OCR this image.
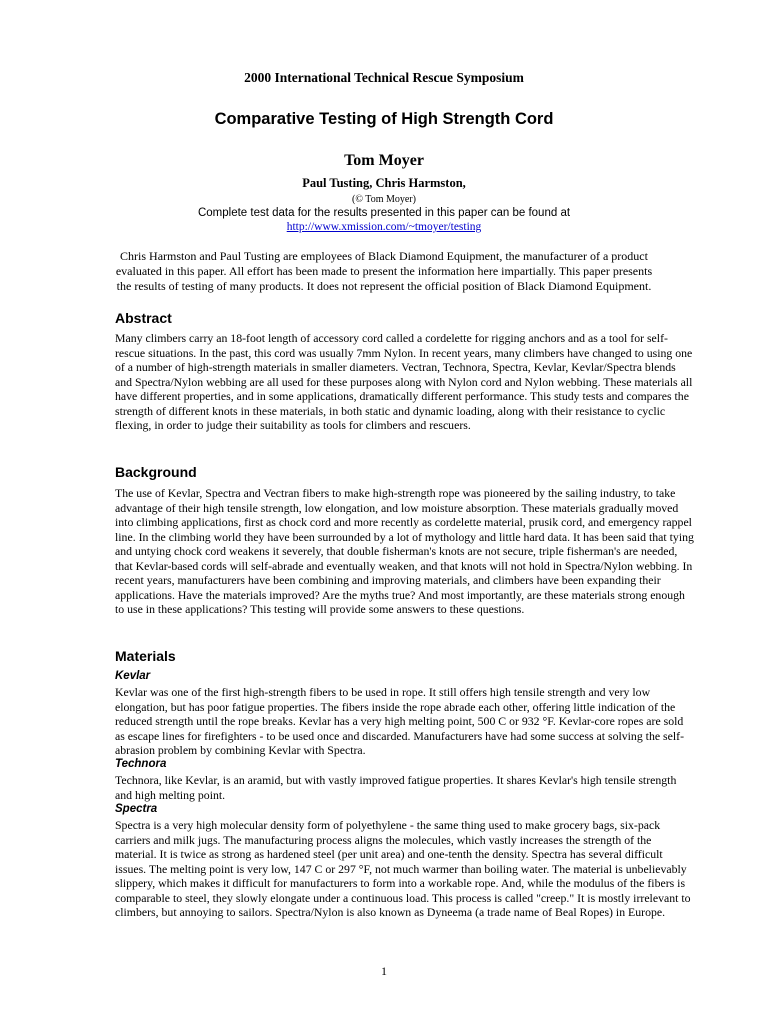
2000 International Technical Rescue Symposium
Comparative Testing of High Strength Cord
Tom Moyer
Paul Tusting, Chris Harmston,
(© Tom Moyer)
Complete test data for the results presented in this paper can be found at
http://www.xmission.com/~tmoyer/testing
Chris Harmston and Paul Tusting are employees of Black Diamond Equipment, the manufacturer of a product evaluated in this paper. All effort has been made to present the information here impartially. This paper presents the results of testing of many products. It does not represent the official position of Black Diamond Equipment.
Abstract
Many climbers carry an 18-foot length of accessory cord called a cordelette for rigging anchors and as a tool for self-rescue situations. In the past, this cord was usually 7mm Nylon. In recent years, many climbers have changed to using one of a number of high-strength materials in smaller diameters. Vectran, Technora, Spectra, Kevlar, Kevlar/Spectra blends and Spectra/Nylon webbing are all used for these purposes along with Nylon cord and Nylon webbing. These materials all have different properties, and in some applications, dramatically different performance. This study tests and compares the strength of different knots in these materials, in both static and dynamic loading, along with their resistance to cyclic flexing, in order to judge their suitability as tools for climbers and rescuers.
Background
The use of Kevlar, Spectra and Vectran fibers to make high-strength rope was pioneered by the sailing industry, to take advantage of their high tensile strength, low elongation, and low moisture absorption. These materials gradually moved into climbing applications, first as chock cord and more recently as cordelette material, prusik cord, and emergency rappel line. In the climbing world they have been surrounded by a lot of mythology and little hard data. It has been said that tying and untying chock cord weakens it severely, that double fisherman's knots are not secure, triple fisherman's are needed, that Kevlar-based cords will self-abrade and eventually weaken, and that knots will not hold in Spectra/Nylon webbing. In recent years, manufacturers have been combining and improving materials, and climbers have been expanding their applications. Have the materials improved? Are the myths true? And most importantly, are these materials strong enough to use in these applications? This testing will provide some answers to these questions.
Materials
Kevlar
Kevlar was one of the first high-strength fibers to be used in rope. It still offers high tensile strength and very low elongation, but has poor fatigue properties. The fibers inside the rope abrade each other, offering little indication of the reduced strength until the rope breaks. Kevlar has a very high melting point, 500 C or 932 °F. Kevlar-core ropes are sold as escape lines for firefighters - to be used once and discarded. Manufacturers have had some success at solving the self-abrasion problem by combining Kevlar with Spectra.
Technora
Technora, like Kevlar, is an aramid, but with vastly improved fatigue properties. It shares Kevlar's high tensile strength and high melting point.
Spectra
Spectra is a very high molecular density form of polyethylene - the same thing used to make grocery bags, six-pack carriers and milk jugs. The manufacturing process aligns the molecules, which vastly increases the strength of the material. It is twice as strong as hardened steel (per unit area) and one-tenth the density. Spectra has several difficult issues. The melting point is very low, 147 C or 297 °F, not much warmer than boiling water. The material is unbelievably slippery, which makes it difficult for manufacturers to form into a workable rope. And, while the modulus of the fibers is comparable to steel, they slowly elongate under a continuous load. This process is called "creep." It is mostly irrelevant to climbers, but annoying to sailors. Spectra/Nylon is also known as Dyneema (a trade name of Beal Ropes) in Europe.
1
